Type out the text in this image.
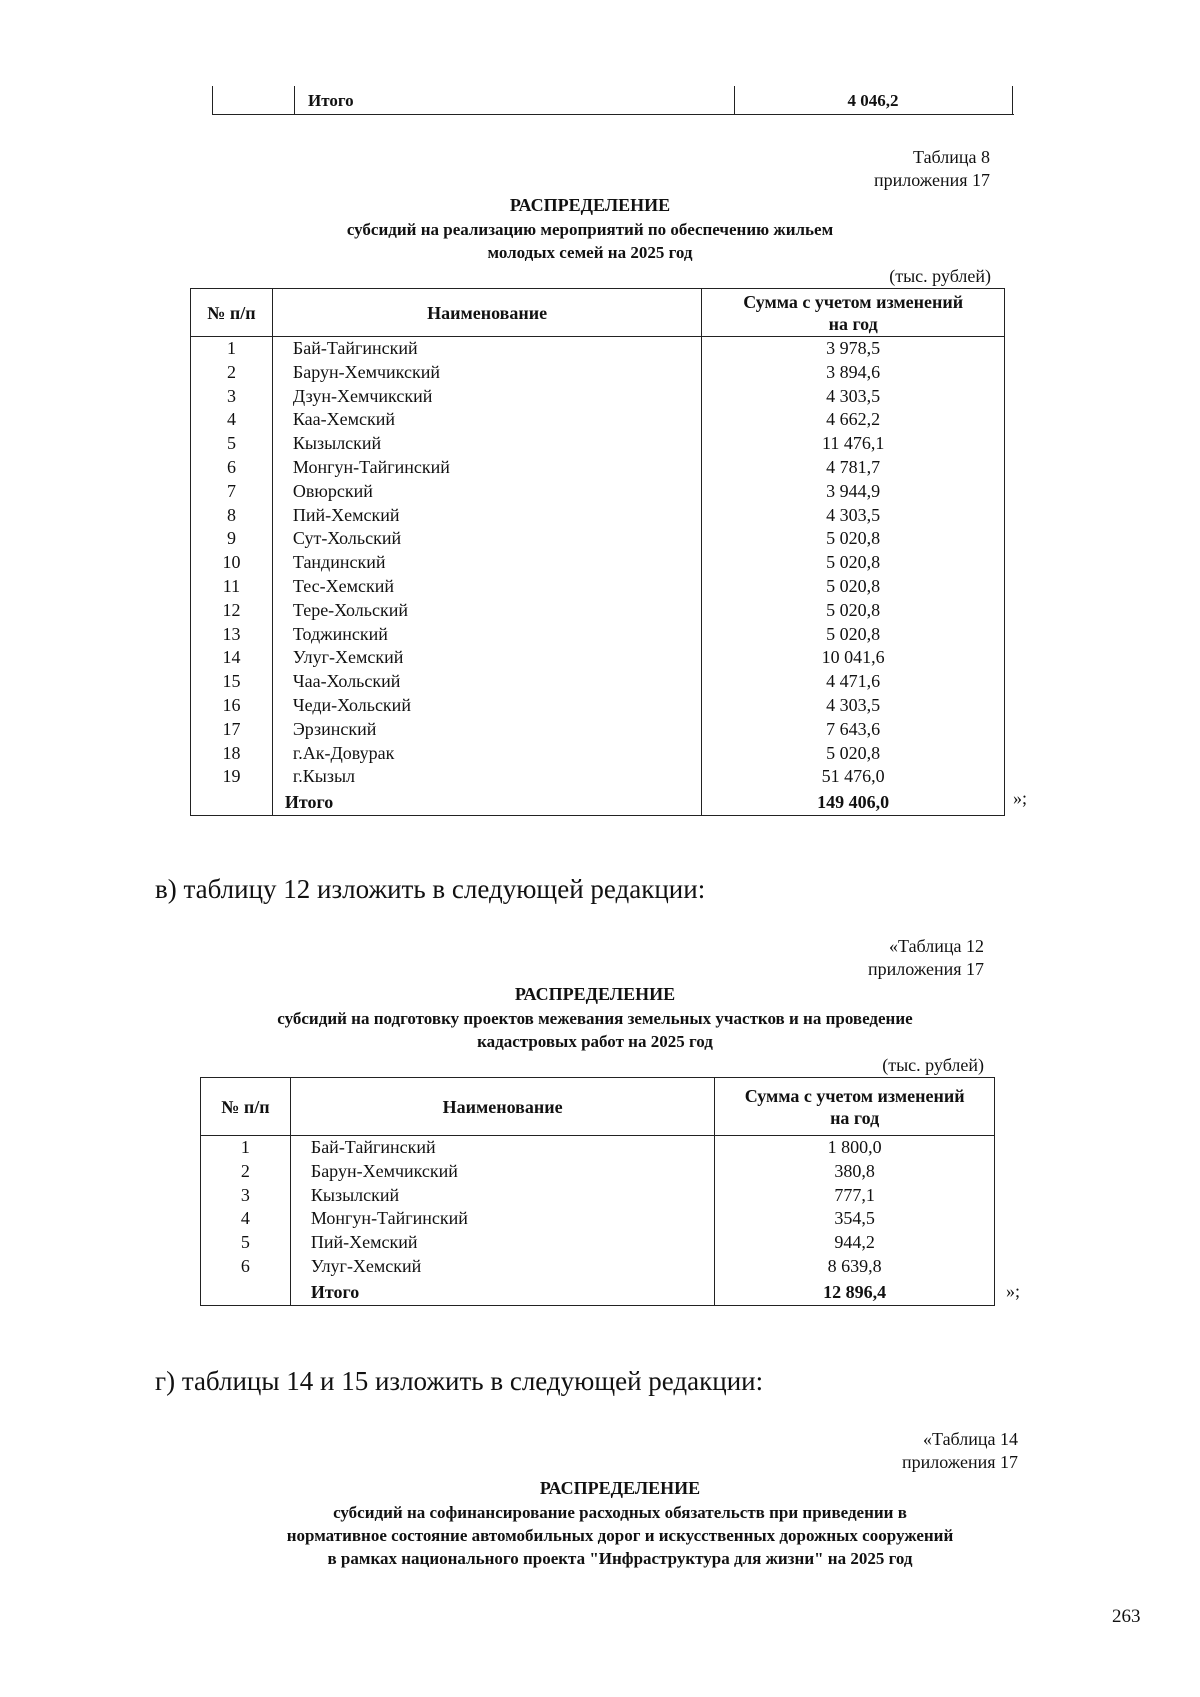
Итого	4 046,2
Таблица 8
приложения 17
РАСПРЕДЕЛЕНИЕ
субсидий на реализацию мероприятий по обеспечению жильем
молодых семей на 2025 год
(тыс. рублей)
№ п/п	Наименование	Сумма с учетом изменений
на год

1	Бай-Тайгинский	3 978,5
2	Барун-Хемчикский	3 894,6
3	Дзун-Хемчикский	4 303,5
4	Каа-Хемский	4 662,2
5	Кызылский	11 476,1
6	Монгун-Тайгинский	4 781,7
7	Овюрский	3 944,9
8	Пий-Хемский	4 303,5
9	Сут-Хольский	5 020,8
10	Тандинский	5 020,8
11	Тес-Хемский	5 020,8
12	Тере-Хольский	5 020,8
13	Тоджинский	5 020,8
14	Улуг-Хемский	10 041,6
15	Чаа-Хольский	4 471,6
16	Чеди-Хольский	4 303,5
17	Эрзинский	7 643,6
18	г.Ак-Довурак	5 020,8
19	г.Кызыл	51 476,0
	Итого	149 406,0	»;
в) таблицу 12 изложить в следующей редакции:
«Таблица 12
приложения 17
РАСПРЕДЕЛЕНИЕ
субсидий на подготовку проектов межевания земельных участков и на проведение
кадастровых работ на 2025 год
(тыс. рублей)
№ п/п	Наименование	Сумма с учетом изменений
на год

1	Бай-Тайгинский	1 800,0
2	Барун-Хемчикский	380,8
3	Кызылский	777,1
4	Монгун-Тайгинский	354,5
5	Пий-Хемский	944,2
6	Улуг-Хемский	8 639,8
	Итого	12 896,4	»;
г) таблицы 14 и 15 изложить в следующей редакции:
«Таблица 14
приложения 17
РАСПРЕДЕЛЕНИЕ
субсидий на софинансирование расходных обязательств при приведении в
нормативное состояние автомобильных дорог и искусственных дорожных сооружений
в рамках национального проекта "Инфраструктура для жизни" на 2025 год
263
